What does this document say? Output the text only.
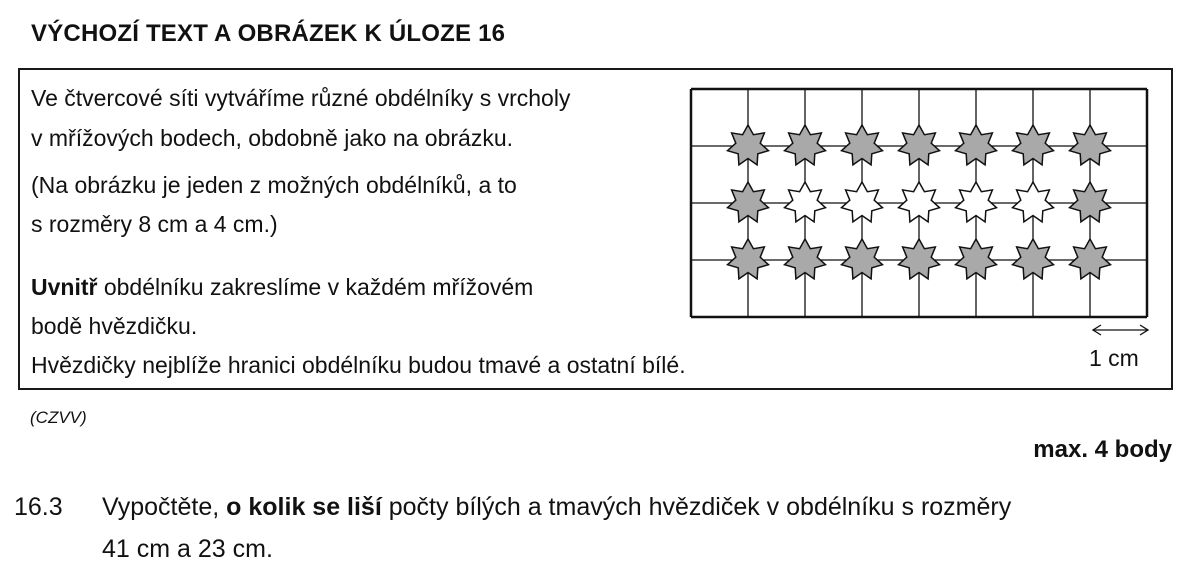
VÝCHOZÍ TEXT A OBRÁZEK K ÚLOZE 16
Ve čtvercové síti vytváříme různé obdélníky s vrcholy
v mřížových bodech, obdobně jako na obrázku.
(Na obrázku je jeden z možných obdélníků, a to
s rozměry 8 cm a 4 cm.)
Uvnitř obdélníku zakreslíme v každém mřížovém
bodě hvězdičku.
Hvězdičky nejblíže hranici obdélníku budou tmavé a ostatní bílé.	1 cm
(CZVV)
max. 4 body
16.3 Vypočtěte, o kolik se liší počty bílých a tmavých hvězdiček v obdélníku s rozměry
41 cm a 23 cm.
